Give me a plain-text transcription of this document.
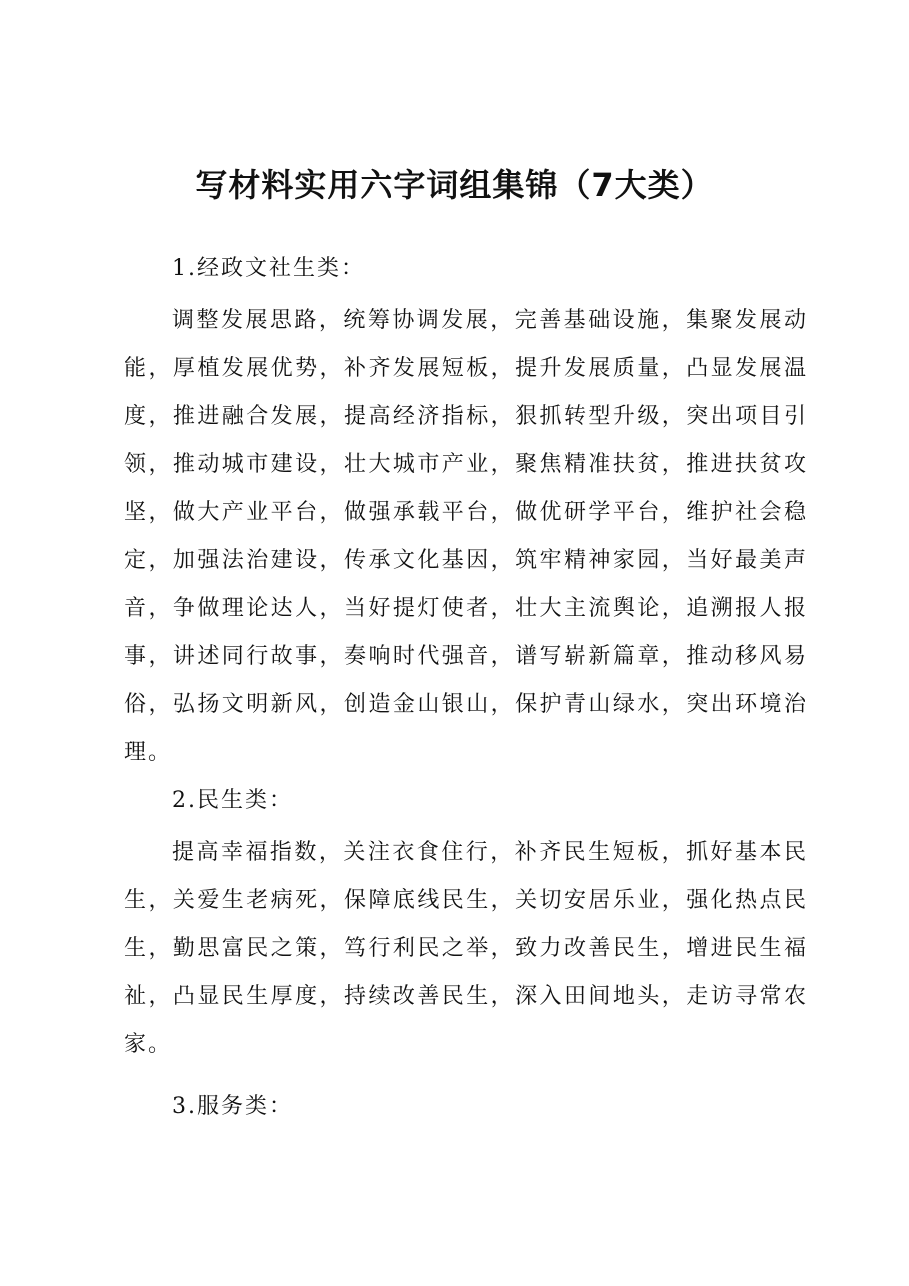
写材料实用六字词组集锦（7大类）

1.经政文社生类：

调整发展思路，统筹协调发展，完善基础设施，集聚发展动能，厚植发展优势，补齐发展短板，提升发展质量，凸显发展温度，推进融合发展，提高经济指标，狠抓转型升级，突出项目引领，推动城市建设，壮大城市产业，聚焦精准扶贫，推进扶贫攻坚，做大产业平台，做强承载平台，做优研学平台，维护社会稳定，加强法治建设，传承文化基因，筑牢精神家园，当好最美声音，争做理论达人，当好提灯使者，壮大主流舆论，追溯报人报事，讲述同行故事，奏响时代强音，谱写崭新篇章，推动移风易俗，弘扬文明新风，创造金山银山，保护青山绿水，突出环境治理。

2.民生类：

提高幸福指数，关注衣食住行，补齐民生短板，抓好基本民生，关爱生老病死，保障底线民生，关切安居乐业，强化热点民生，勤思富民之策，笃行利民之举，致力改善民生，增进民生福祉，凸显民生厚度，持续改善民生，深入田间地头，走访寻常农家。

3.服务类：
